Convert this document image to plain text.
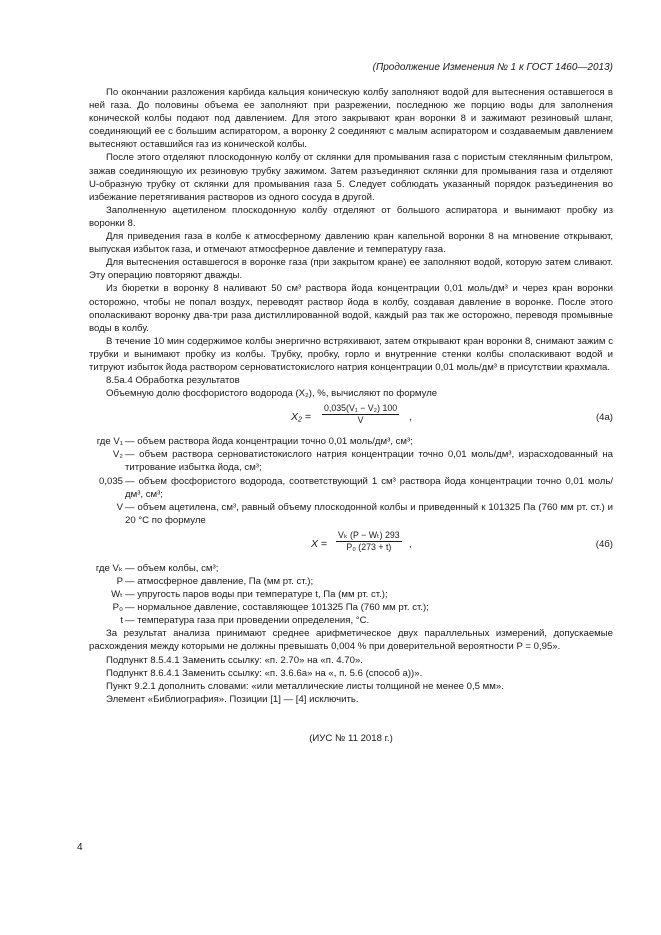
(Продолжение Изменения № 1 к ГОСТ 1460—2013)

По окончании разложения карбида кальция коническую колбу заполняют водой для вытеснения оставшегося в ней газа. До половины объема ее заполняют при разрежении, последнюю же порцию воды для заполнения конической колбы подают под давлением. Для этого закрывают кран воронки 8 и зажимают резиновый шланг, соединяющий ее с большим аспиратором, а воронку 2 соединяют с малым аспиратором и создаваемым давлением вытесняют оставшийся газ из конической колбы.

После этого отделяют плоскодонную колбу от склянки для промывания газа с пористым стеклянным фильтром, зажав соединяющую их резиновую трубку зажимом. Затем разъединяют склянки для промывания газа и отделяют U-образную трубку от склянки для промывания газа 5. Следует соблюдать указанный порядок разъединения во избежание перетягивания растворов из одного сосуда в другой.

Заполненную ацетиленом плоскодонную колбу отделяют от большого аспиратора и вынимают пробку из воронки 8.

Для приведения газа в колбе к атмосферному давлению кран капельной воронки 8 на мгновение открывают, выпуская избыток газа, и отмечают атмосферное давление и температуру газа.

Для вытеснения оставшегося в воронке газа (при закрытом кране) ее заполняют водой, которую затем сливают. Эту операцию повторяют дважды.

Из бюретки в воронку 8 наливают 50 см³ раствора йода концентрации 0,01 моль/дм³ и через кран воронки осторожно, чтобы не попал воздух, переводят раствор йода в колбу, создавая давление в воронке. После этого ополаскивают воронку два-три раза дистиллированной водой, каждый раз так же осторожно, переводя промывные воды в колбу.

В течение 10 мин содержимое колбы энергично встряхивают, затем открывают кран воронки 8, снимают зажим с трубки и вынимают пробку из колбы. Трубку, пробку, горло и внутренние стенки колбы споласкивают водой и титруют избыток йода раствором серноватистокислого натрия концентрации 0,01 моль/дм³ в присутствии крахмала.

8.5а.4 Обработка результатов

Объемную долю фосфористого водорода (X₂), %, вычисляют по формуле

$X_2 = \frac{\text{0,035(V₁ − V₂) 100}}{V}$ ,	(4а)
где V₁ — объем раствора йода концентрации точно 0,01 моль/дм³, см³;
V₂ — объем раствора серноватистокислого натрия концентрации точно 0,01 моль/дм³, израсходованный на титрование избытка йода, см³;
0,035 — объем фосфористого водорода, соответствующий 1 см³ раствора йода концентрации точно 0,01 моль/дм³, см³;
V — объем ацетилена, см³, равный объему плоскодонной колбы и приведенный к 101325 Па (760 мм рт. ст.) и 20 °С по формуле
$X = \frac{\text{Vₖ (P − Wₜ) 293}}{\text{P₀ (273 + t)}}$ ,	(4б)
где Vₖ — объем колбы, см³;
P — атмосферное давление, Па (мм рт. ст.);
Wₜ — упругость паров воды при температуре t, Па (мм рт. ст.);
P₀ — нормальное давление, составляющее 101325 Па (760 мм рт. ст.);
t — температура газа при проведении определения, °С.

За результат анализа принимают среднее арифметическое двух параллельных измерений, допускаемые расхождения между которыми не должны превышать 0,004 % при доверительной вероятности P = 0,95».

Подпункт 8.5.4.1 Заменить ссылку: «п. 2.70» на «п. 4.70».

Подпункт 8.6.4.1 Заменить ссылку: «п. 3.6.6а» на «, п. 5.6 (способ а))».

Пункт 9.2.1 дополнить словами: «или металлические листы толщиной не менее 0,5 мм».

Элемент «Библиография». Позиции [1] — [4] исключить.

(ИУС № 11 2018 г.)

4
